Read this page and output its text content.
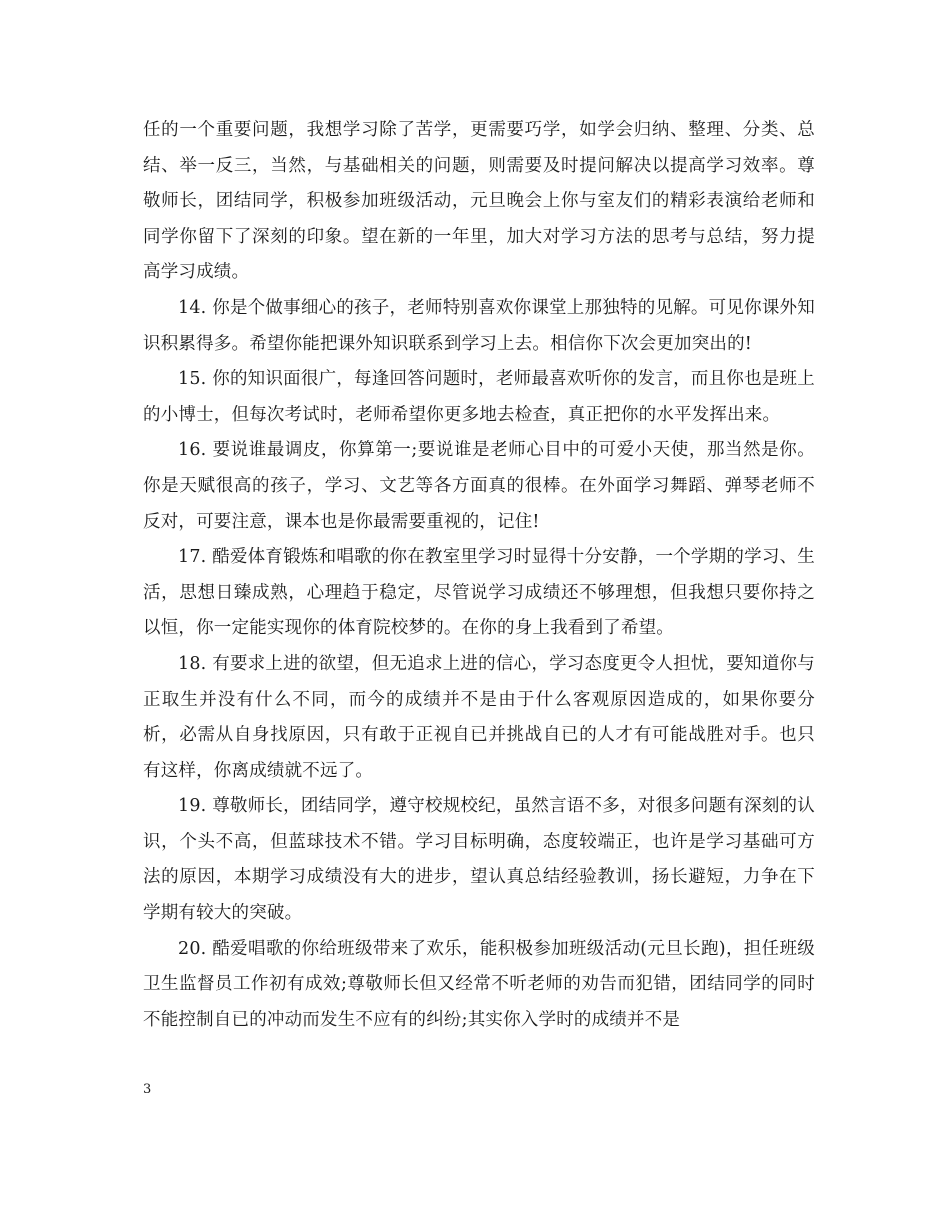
任的一个重要问题，我想学习除了苦学，更需要巧学，如学会归纳、整理、分类、总结、举一反三，当然，与基础相关的问题，则需要及时提问解决以提高学习效率。尊敬师长，团结同学，积极参加班级活动，元旦晚会上你与室友们的精彩表演给老师和同学你留下了深刻的印象。望在新的一年里，加大对学习方法的思考与总结，努力提高学习成绩。

14. 你是个做事细心的孩子，老师特别喜欢你课堂上那独特的见解。可见你课外知识积累得多。希望你能把课外知识联系到学习上去。相信你下次会更加突出的!

15. 你的知识面很广，每逢回答问题时，老师最喜欢听你的发言，而且你也是班上的小博士，但每次考试时，老师希望你更多地去检查，真正把你的水平发挥出来。

16. 要说谁最调皮，你算第一;要说谁是老师心目中的可爱小天使，那当然是你。你是天赋很高的孩子，学习、文艺等各方面真的很棒。在外面学习舞蹈、弹琴老师不反对，可要注意，课本也是你最需要重视的，记住!

17. 酷爱体育锻炼和唱歌的你在教室里学习时显得十分安静，一个学期的学习、生活，思想日臻成熟，心理趋于稳定，尽管说学习成绩还不够理想，但我想只要你持之以恒，你一定能实现你的体育院校梦的。在你的身上我看到了希望。

18. 有要求上进的欲望，但无追求上进的信心，学习态度更令人担忧，要知道你与正取生并没有什么不同，而今的成绩并不是由于什么客观原因造成的，如果你要分析，必需从自身找原因，只有敢于正视自已并挑战自已的人才有可能战胜对手。也只有这样，你离成绩就不远了。

19. 尊敬师长，团结同学，遵守校规校纪，虽然言语不多，对很多问题有深刻的认识，个头不高，但蓝球技术不错。学习目标明确，态度较端正，也许是学习基础可方法的原因，本期学习成绩没有大的进步，望认真总结经验教训，扬长避短，力争在下学期有较大的突破。

20. 酷爱唱歌的你给班级带来了欢乐，能积极参加班级活动(元旦长跑)，担任班级卫生监督员工作初有成效;尊敬师长但又经常不听老师的劝告而犯错，团结同学的同时不能控制自已的冲动而发生不应有的纠纷;其实你入学时的成绩并不是

3
